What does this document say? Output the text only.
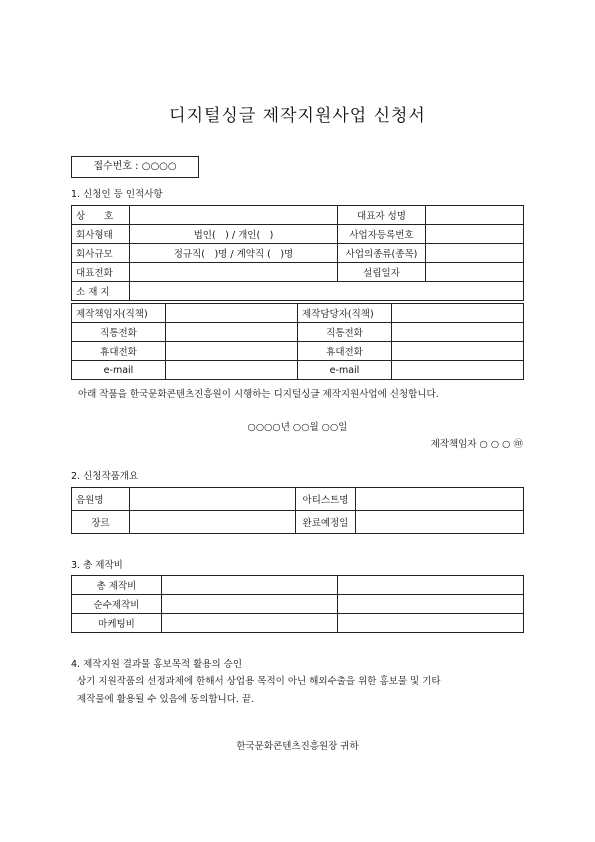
디지털싱글 제작지원사업 신청서
접수번호 : ○○○○
1. 신청인 등 인적사항
상　　호		대표자 성명	
회사형태	법인(　) / 개인(　)	사업자등록번호	
회사규모	정규직(　)명 / 계약직 (　)명	사업의종류(종목)	
대표전화		설립일자	
소 재 지			
제작책임자(직책)		제작담당자(직책)	
직통전화		직통전화	
휴대전화		휴대전화	
e-mail		e-mail	
아래 작품을 한국문화콘텐츠진흥원이 시행하는 디지털싱글 제작지원사업에 신청합니다.
○○○○년 ○○월 ○○일
제작책임자 ○ ○ ○ ㊞
2. 신청작품개요
음원명		아티스트명	
장르		완료예정일	
3. 총 제작비
총 제작비		
순수제작비		
마케팅비		
4. 제작지원 결과물 홍보목적 활용의 승인
상기 지원작품의 선정과제에 한해서 상업용 목적이 아닌 해외수출을 위한 홍보물 및 기타
제작물에 활용될 수 있음에 동의합니다. 끝.
한국문화콘텐츠진흥원장 귀하
